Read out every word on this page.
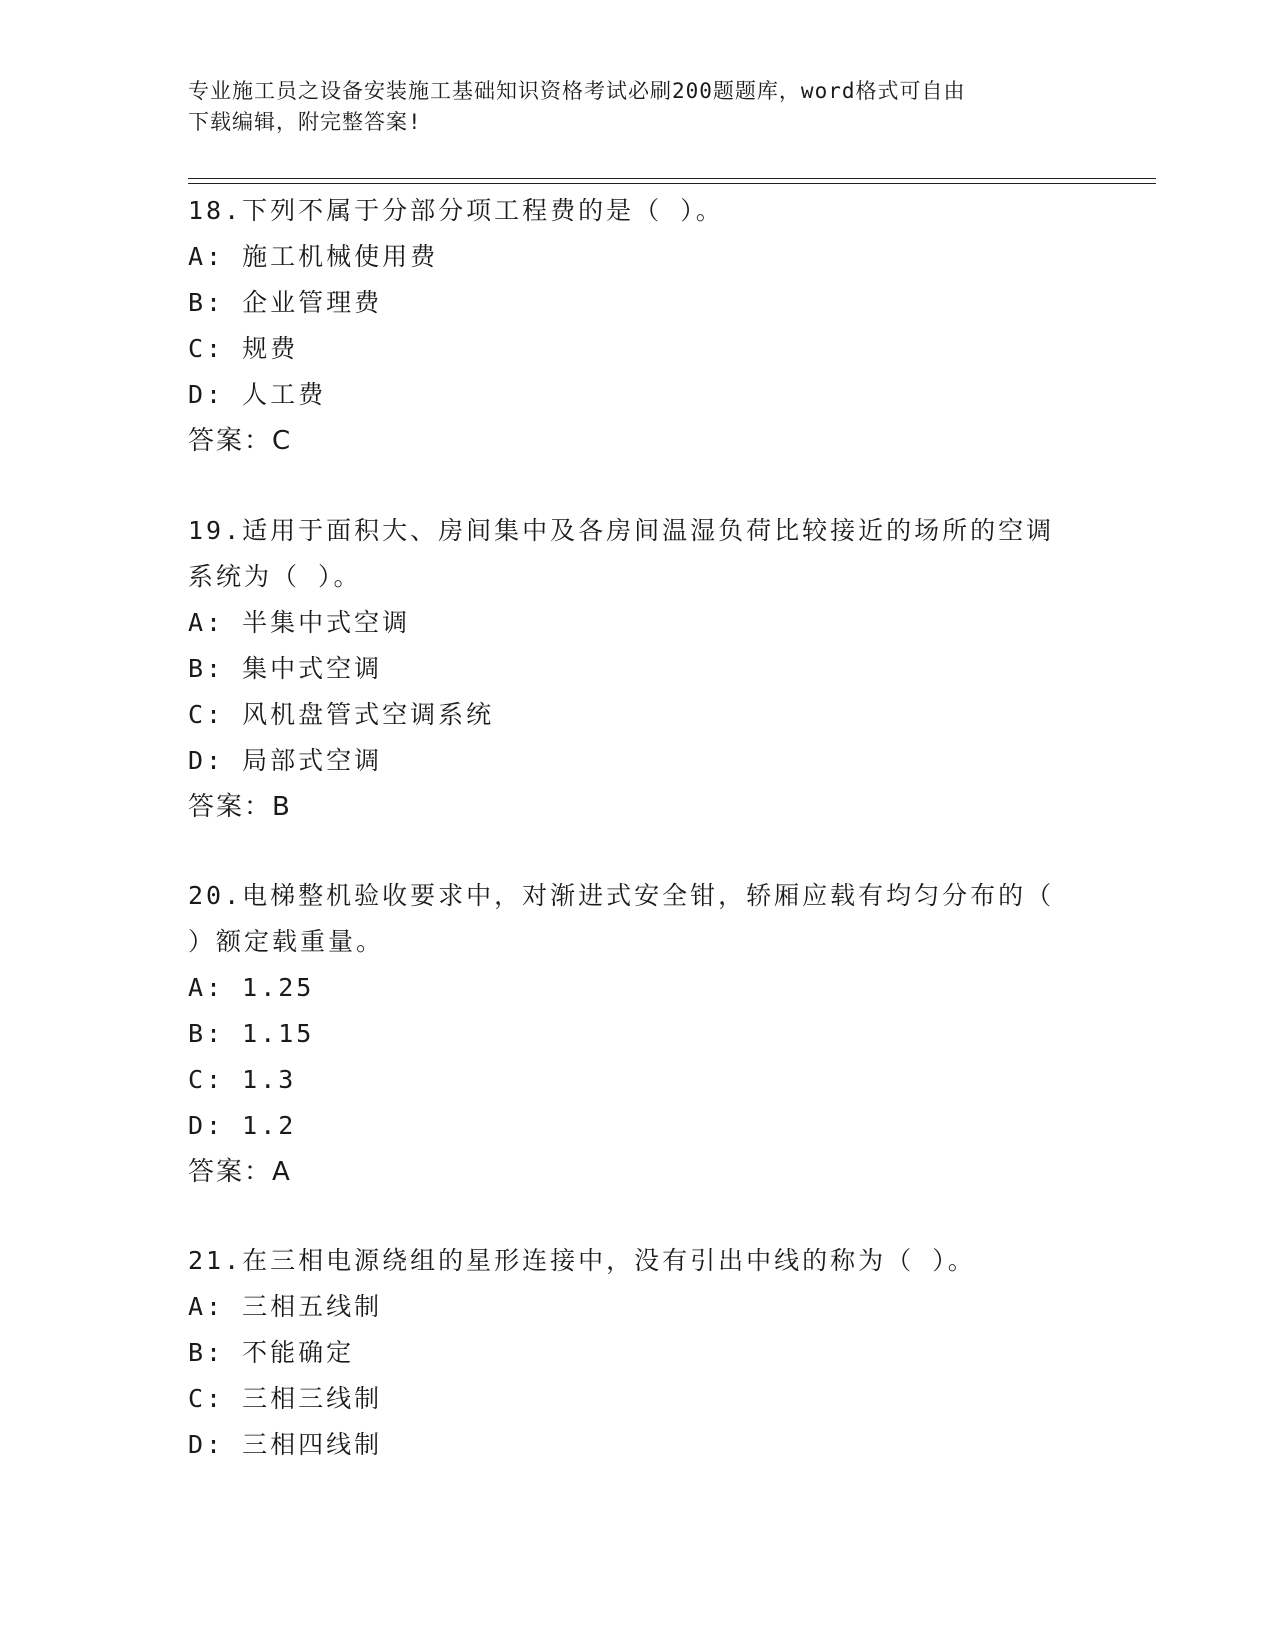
专业施工员之设备安装施工基础知识资格考试必刷200题题库，word格式可自由
下载编辑，附完整答案!

18.下列不属于分部分项工程费的是（ ）。

A: 施工机械使用费

B: 企业管理费

C: 规费

D: 人工费

答案：C

19.适用于面积大、房间集中及各房间温湿负荷比较接近的场所的空调

系统为（ ）。

A: 半集中式空调

B: 集中式空调

C: 风机盘管式空调系统

D: 局部式空调

答案：B

20.电梯整机验收要求中，对渐进式安全钳，轿厢应载有均匀分布的（

）额定载重量。

A: 1.25

B: 1.15

C: 1.3

D: 1.2

答案：A

21.在三相电源绕组的星形连接中，没有引出中线的称为（ ）。

A: 三相五线制

B: 不能确定

C: 三相三线制

D: 三相四线制
